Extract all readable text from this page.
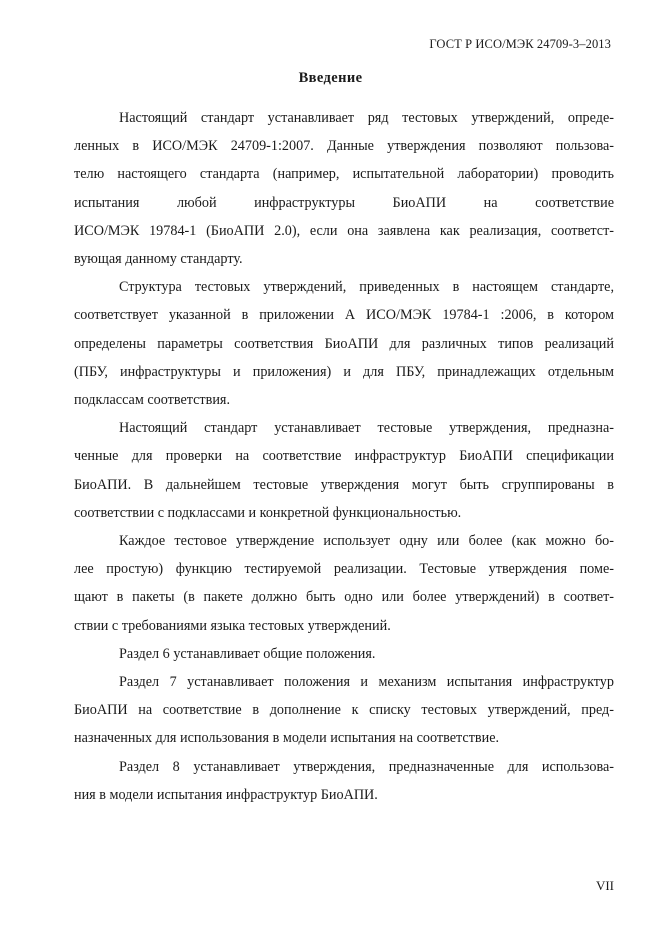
ГОСТ Р ИСО/МЭК 24709-3–2013
Введение

Настоящий стандарт устанавливает ряд тестовых утверждений, опреде-
ленных в ИСО/МЭК 24709-1:2007. Данные утверждения позволяют пользова-
телю настоящего стандарта (например, испытательной лаборатории) проводить
испытания любой инфраструктуры БиоАПИ на соответствие
ИСО/МЭК 19784-1 (БиоАПИ 2.0), если она заявлена как реализация, соответст-
вующая данному стандарту.

Структура тестовых утверждений, приведенных в настоящем стандарте,
соответствует указанной в приложении А ИСО/МЭК 19784-1 :2006, в котором
определены параметры соответствия БиоАПИ для различных типов реализаций
(ПБУ, инфраструктуры и приложения) и для ПБУ, принадлежащих отдельным
подклассам соответствия.

Настоящий стандарт устанавливает тестовые утверждения, предназна-
ченные для проверки на соответствие инфраструктур БиоАПИ спецификации
БиоАПИ. В дальнейшем тестовые утверждения могут быть сгруппированы в
соответствии с подклассами и конкретной функциональностью.

Каждое тестовое утверждение использует одну или более (как можно бо-
лее простую) функцию тестируемой реализации. Тестовые утверждения поме-
щают в пакеты (в пакете должно быть одно или более утверждений) в соответ-
ствии с требованиями языка тестовых утверждений.

Раздел 6 устанавливает общие положения.

Раздел 7 устанавливает положения и механизм испытания инфраструктур
БиоАПИ на соответствие в дополнение к списку тестовых утверждений, пред-
назначенных для использования в модели испытания на соответствие.

Раздел 8 устанавливает утверждения, предназначенные для использова-
ния в модели испытания инфраструктур БиоАПИ.

VII
